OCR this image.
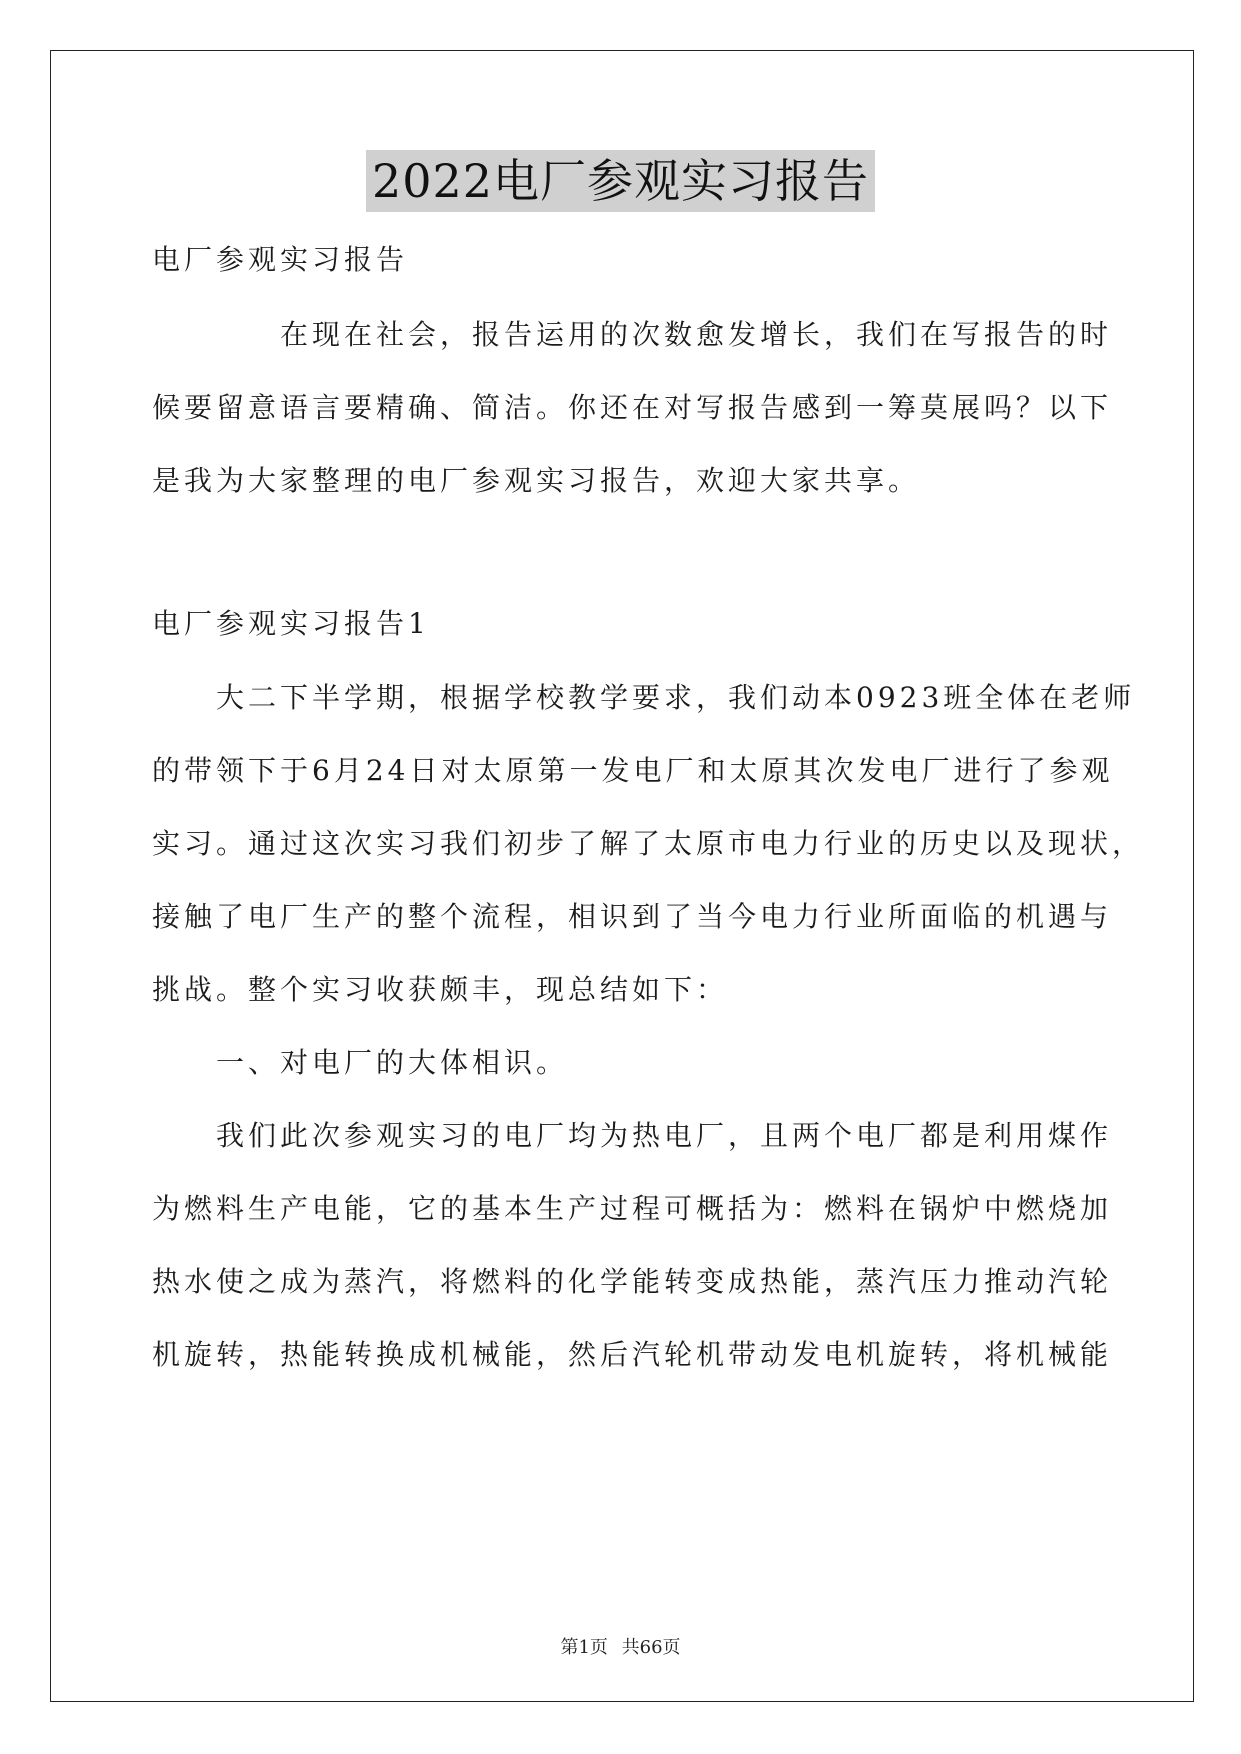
2022电厂参观实习报告
电厂参观实习报告
　　　　在现在社会，报告运用的次数愈发增长，我们在写报告的时
候要留意语言要精确、简洁。你还在对写报告感到一筹莫展吗？以下
是我为大家整理的电厂参观实习报告，欢迎大家共享。
电厂参观实习报告1
　　大二下半学期，根据学校教学要求，我们动本0923班全体在老师
的带领下于6月24日对太原第一发电厂和太原其次发电厂进行了参观
实习。通过这次实习我们初步了解了太原市电力行业的历史以及现状，
接触了电厂生产的整个流程，相识到了当今电力行业所面临的机遇与
挑战。整个实习收获颇丰，现总结如下：
　　一、对电厂的大体相识。
　　我们此次参观实习的电厂均为热电厂，且两个电厂都是利用煤作
为燃料生产电能，它的基本生产过程可概括为：燃料在锅炉中燃烧加
热水使之成为蒸汽，将燃料的化学能转变成热能，蒸汽压力推动汽轮
机旋转，热能转换成机械能，然后汽轮机带动发电机旋转，将机械能
第1页 共66页
